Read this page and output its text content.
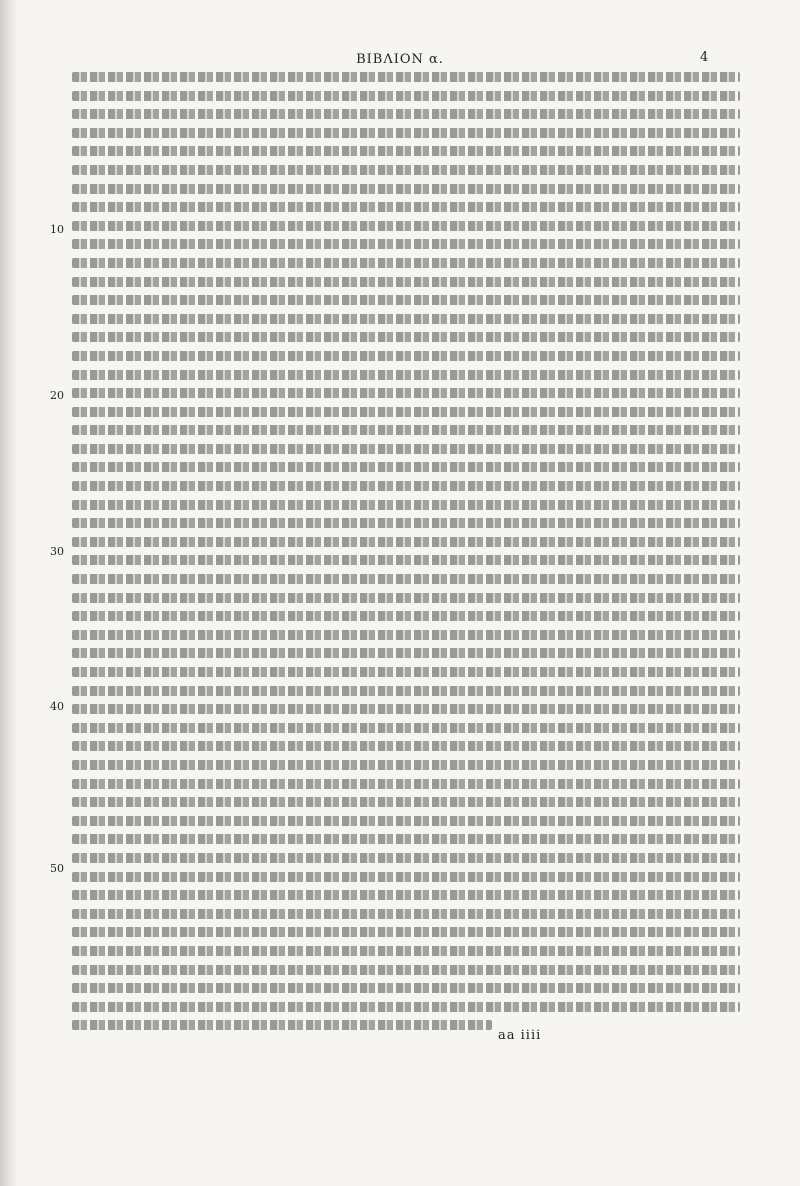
ΒΙΒΛΙΟΝ α.	4
10
20
30
40
50
aa iiii
